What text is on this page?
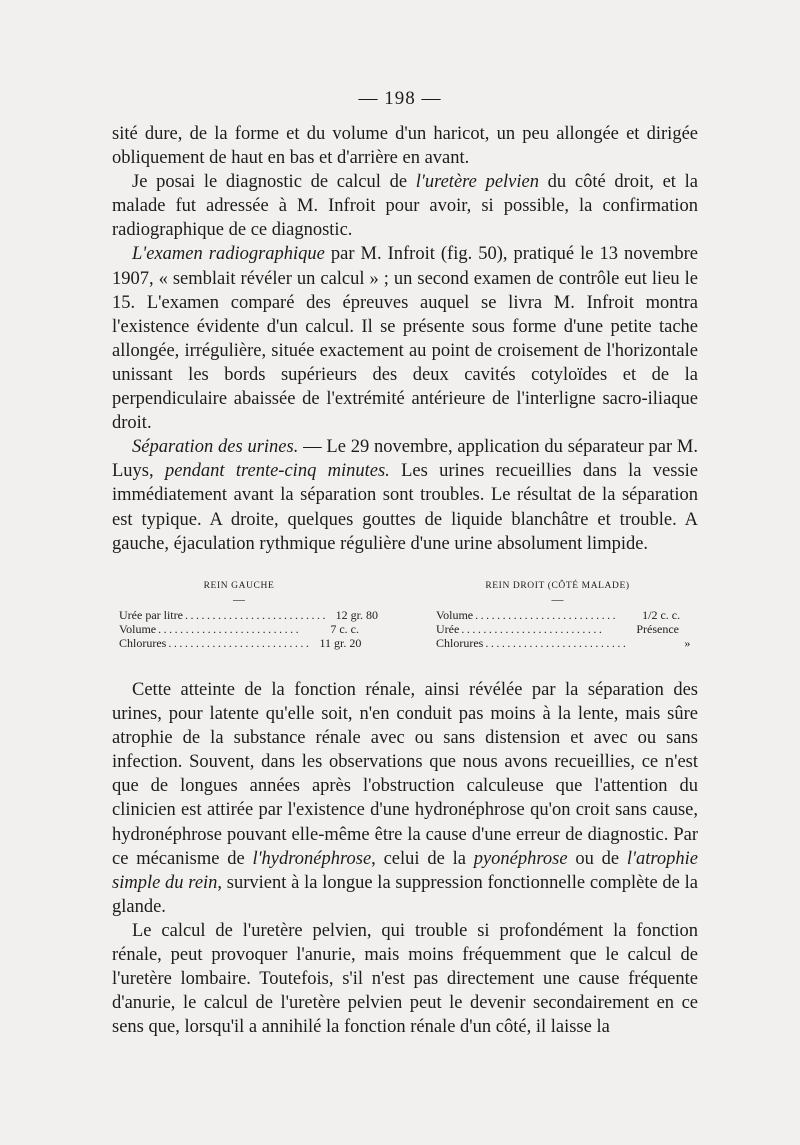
— 198 —

sité dure, de la forme et du volume d'un haricot, un peu allongée et dirigée obliquement de haut en bas et d'arrière en avant.

Je posai le diagnostic de calcul de l'uretère pelvien du côté droit, et la malade fut adressée à M. Infroit pour avoir, si possible, la confirmation radiographique de ce diagnostic.

L'examen radiographique par M. Infroit (fig. 50), pratiqué le 13 novembre 1907, « semblait révéler un calcul » ; un second examen de contrôle eut lieu le 15. L'examen comparé des épreuves auquel se livra M. Infroit montra l'existence évidente d'un calcul. Il se présente sous forme d'une petite tache allongée, irrégulière, située exactement au point de croisement de l'horizontale unissant les bords supérieurs des deux cavités cotyloïdes et de la perpendiculaire abaissée de l'extrémité antérieure de l'interligne sacro-iliaque droit.

Séparation des urines. — Le 29 novembre, application du séparateur par M. Luys, pendant trente-cinq minutes. Les urines recueillies dans la vessie immédiatement avant la séparation sont troubles. Le résultat de la séparation est typique. A droite, quelques gouttes de liquide blanchâtre et trouble. A gauche, éjaculation rythmique régulière d'une urine absolument limpide.

REIN GAUCHE
—
Urée par litre .......................... 12 gr. 80
Volume ..........................	7 c. c.
Chlorures .......................... 11 gr. 20
REIN DROIT (CÔTÉ MALADE)
—
Volume ..........................	1/2 c. c.
Urée ..........................	Présence
Chlorures ..........................	»

Cette atteinte de la fonction rénale, ainsi révélée par la séparation des urines, pour latente qu'elle soit, n'en conduit pas moins à la lente, mais sûre atrophie de la substance rénale avec ou sans distension et avec ou sans infection. Souvent, dans les observations que nous avons recueillies, ce n'est que de longues années après l'obstruction calculeuse que l'attention du clinicien est attirée par l'existence d'une hydronéphrose qu'on croit sans cause, hydronéphrose pouvant elle-même être la cause d'une erreur de diagnostic. Par ce mécanisme de l'hydronéphrose, celui de la pyonéphrose ou de l'atrophie simple du rein, survient à la longue la suppression fonctionnelle complète de la glande.

Le calcul de l'uretère pelvien, qui trouble si profondément la fonction rénale, peut provoquer l'anurie, mais moins fréquemment que le calcul de l'uretère lombaire. Toutefois, s'il n'est pas directement une cause fréquente d'anurie, le calcul de l'uretère pelvien peut le devenir secondairement en ce sens que, lorsqu'il a annihilé la fonction rénale d'un côté, il laisse la
